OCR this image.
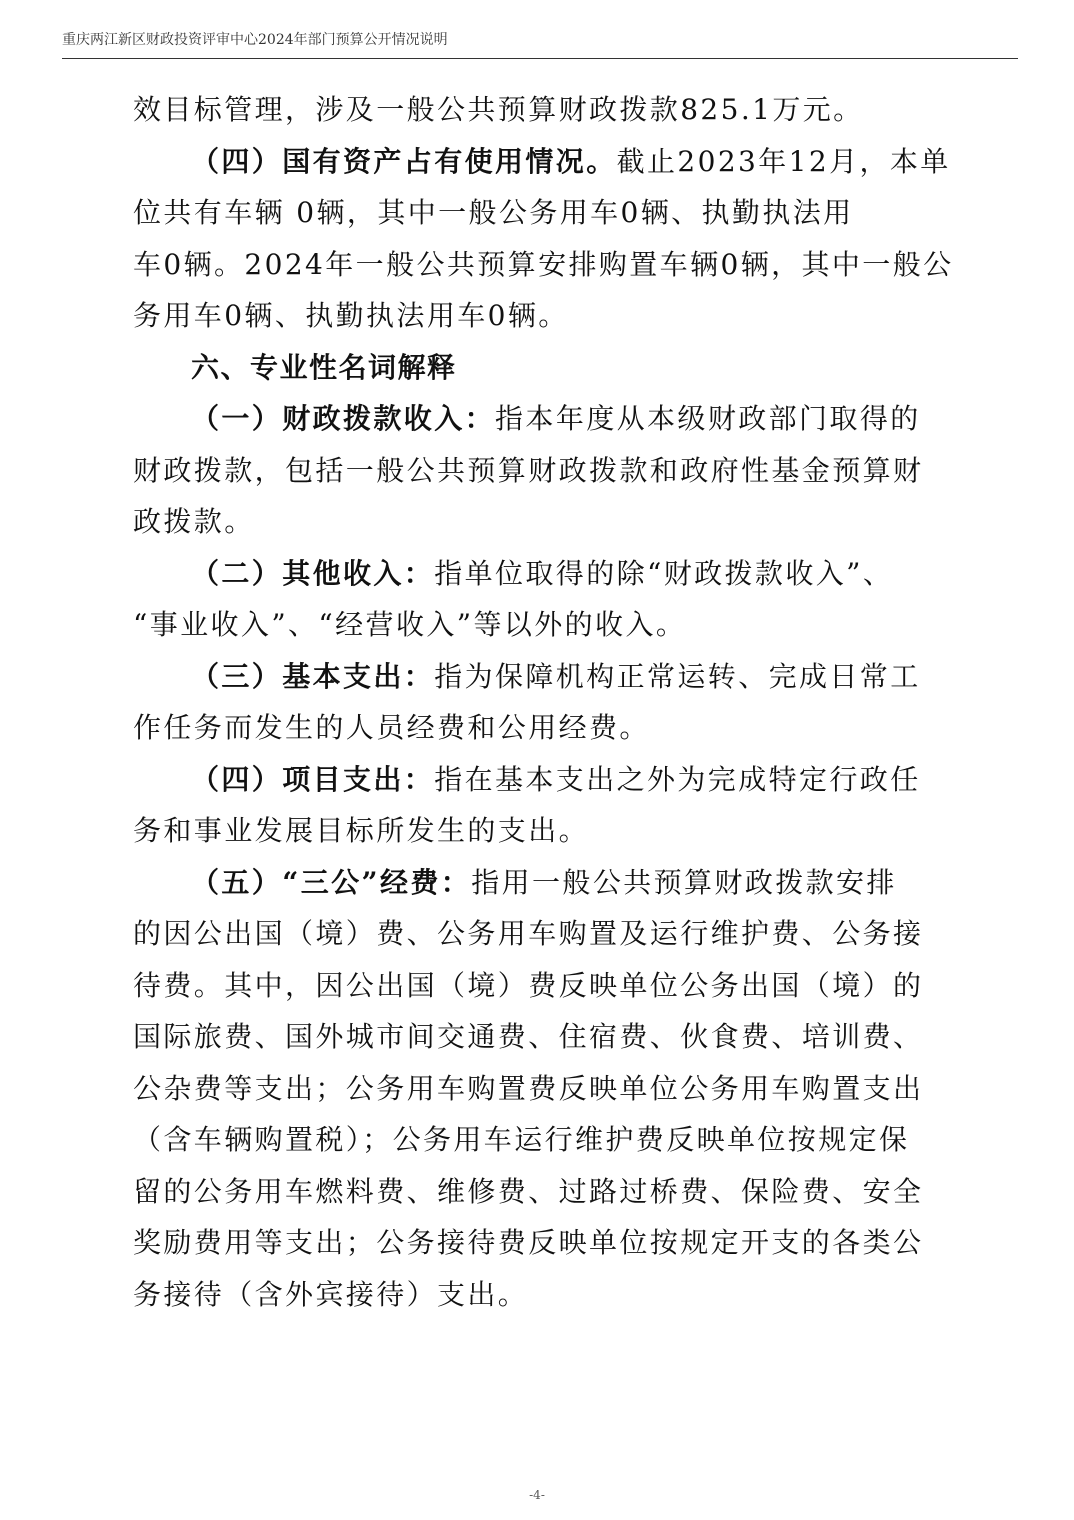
重庆两江新区财政投资评审中心2024年部门预算公开情况说明
效目标管理，涉及一般公共预算财政拨款825.1万元。
（四）国有资产占有使用情况。截止2023年12月，本单
位共有车辆 0辆，其中一般公务用车0辆、执勤执法用
车0辆。2024年一般公共预算安排购置车辆0辆，其中一般公
务用车0辆、执勤执法用车0辆。
六、专业性名词解释
（一）财政拨款收入：指本年度从本级财政部门取得的
财政拨款，包括一般公共预算财政拨款和政府性基金预算财
政拨款。
（二）其他收入：指单位取得的除“财政拨款收入”、
“事业收入”、“经营收入”等以外的收入。
（三）基本支出：指为保障机构正常运转、完成日常工
作任务而发生的人员经费和公用经费。
（四）项目支出：指在基本支出之外为完成特定行政任
务和事业发展目标所发生的支出。
（五）“三公”经费：指用一般公共预算财政拨款安排
的因公出国（境）费、公务用车购置及运行维护费、公务接
待费。其中，因公出国（境）费反映单位公务出国（境）的
国际旅费、国外城市间交通费、住宿费、伙食费、培训费、
公杂费等支出；公务用车购置费反映单位公务用车购置支出
（含车辆购置税）；公务用车运行维护费反映单位按规定保
留的公务用车燃料费、维修费、过路过桥费、保险费、安全
奖励费用等支出；公务接待费反映单位按规定开支的各类公
务接待（含外宾接待）支出。
-4-
